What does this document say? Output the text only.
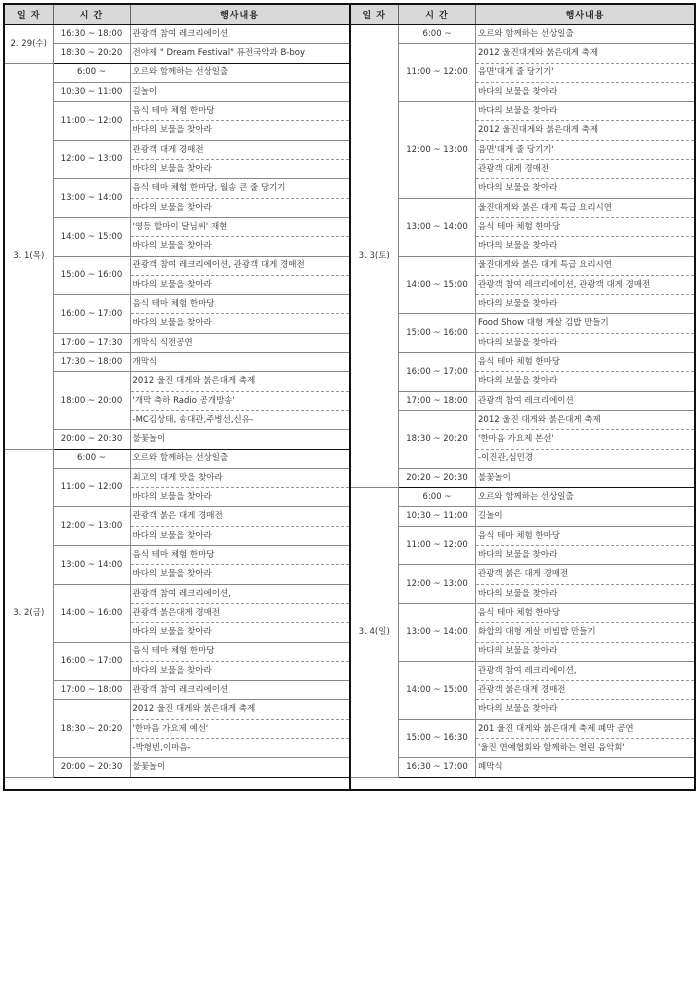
일 자	시 간	행사내용
2. 29(수)	16:30 ~ 18:00	관광객 참여 레크리에이션
	18:30 ~ 20:20	전야제 " Dream Festival" 퓨전국악과 B-boy
3. 1(목)	6:00 ~	오르와 함께하는 선상일출
	10:30 ~ 11:00	길놀이
	11:00 ~ 12:00	음식 테마 체험 한마당
		바다의 보물을 찾아라
	12:00 ~ 13:00	관광객 대게 경매전
		바다의 보물을 찾아라
	13:00 ~ 14:00	음식 테마 체험 한마당, 월송 큰 줄 당기기
		바다의 보물을 찾아라
	14:00 ~ 15:00	'영등 할마이 달님씨' 재현
		바다의 보물을 찾아라
	15:00 ~ 16:00	관광객 참여 레크리에이션, 관광객 대게 경매전
		바다의 보물을 찾아라
	16:00 ~ 17:00	음식 테마 체험 한마당
		바다의 보물을 찾아라
	17:00 ~ 17:30	개막식 식전공연
	17:30 ~ 18:00	개막식
	18:00 ~ 20:00	2012 울진 대게와 붉은대게 축제
		'개막 축하 Radio 공개방송'
		-MC김상태, 송대관,주병선,신유-
	20:00 ~ 20:30	불꽃놀이
3. 2(금)	6:00 ~	오르와 함께하는 선상일출
	11:00 ~ 12:00	최고의 대게 맛을 찾아라
		바다의 보물을 찾아라
	12:00 ~ 13:00	관광객 붉은 대게 경매전
		바다의 보물을 찾아라
	13:00 ~ 14:00	음식 테마 체험 한마당
		바다의 보물을 찾아라
	14:00 ~ 16:00	관광객 참여 레크리에이션,
		관광객 붉은대게 경매전
		바다의 보물을 찾아라
	16:00 ~ 17:00	음식 테마 체험 한마당
		바다의 보물을 찾아라
	17:00 ~ 18:00	관광객 참여 레크리에이션
	18:30 ~ 20:20	2012 울진 대게와 붉은대게 축제
		'한마음 가요제 예선'
		-박형빈,이마음-
	20:00 ~ 20:30	불꽃놀이
일 자	시 간	행사내용
3. 3(토)	6:00 ~	오르와 함께하는 선상일출
	11:00 ~ 12:00	2012 울진대게와 붉은대게 축제
		음면'대게 줄 당기기'
		바다의 보물을 찾아라
	12:00 ~ 13:00	바다의 보물을 찾아라
		2012 울진대게와 붉은대게 축제
		음면'대게 줄 당기기'
		관광객 대게 경매전
		바다의 보물을 찾아라
	13:00 ~ 14:00	울진대게와 붉은 대게 특급 요리시연
		음식 테마 체험 한마당
		바다의 보물을 찾아라
	14:00 ~ 15:00	울진대게와 붉은 대게 특급 요리시연
		관광객 참여 레크리에이션, 관광객 대게 경매전
		바다의 보물을 찾아라
	15:00 ~ 16:00	Food Show 대형 게살 김밥 만들기
		바다의 보물을 찾아라
	16:00 ~ 17:00	음식 테마 체험 한마당
		바다의 보물을 찾아라
	17:00 ~ 18:00	관광객 참여 레크리에이션
	18:30 ~ 20:20	2012 울진 대게와 붉은대게 축제
		'한마음 가요제 본선'
		-이진관,심민경
	20:20 ~ 20:30	불꽃놀이
3. 4(일)	6:00 ~	오르와 함께하는 선상일출
	10:30 ~ 11:00	길놀이
	11:00 ~ 12:00	음식 테마 체험 한마당
		바다의 보물을 찾아라
	12:00 ~ 13:00	관광객 붉은 대게 경매전
		바다의 보물을 찾아라
	13:00 ~ 14:00	음식 테마 체험 한마당
		화합의 대형 게살 비빔밥 만들기
		바다의 보물을 찾아라
	14:00 ~ 15:00	관광객 참여 레크리에이션,
		관광객 붉은대게 경매전
		바다의 보물을 찾아라
	15:00 ~ 16:30	201 울진 대게와 붉은대게 축제 폐막 공연
		'울진 연예협회와 함께하는 열린 음악회'
	16:30 ~ 17:00	폐막식
